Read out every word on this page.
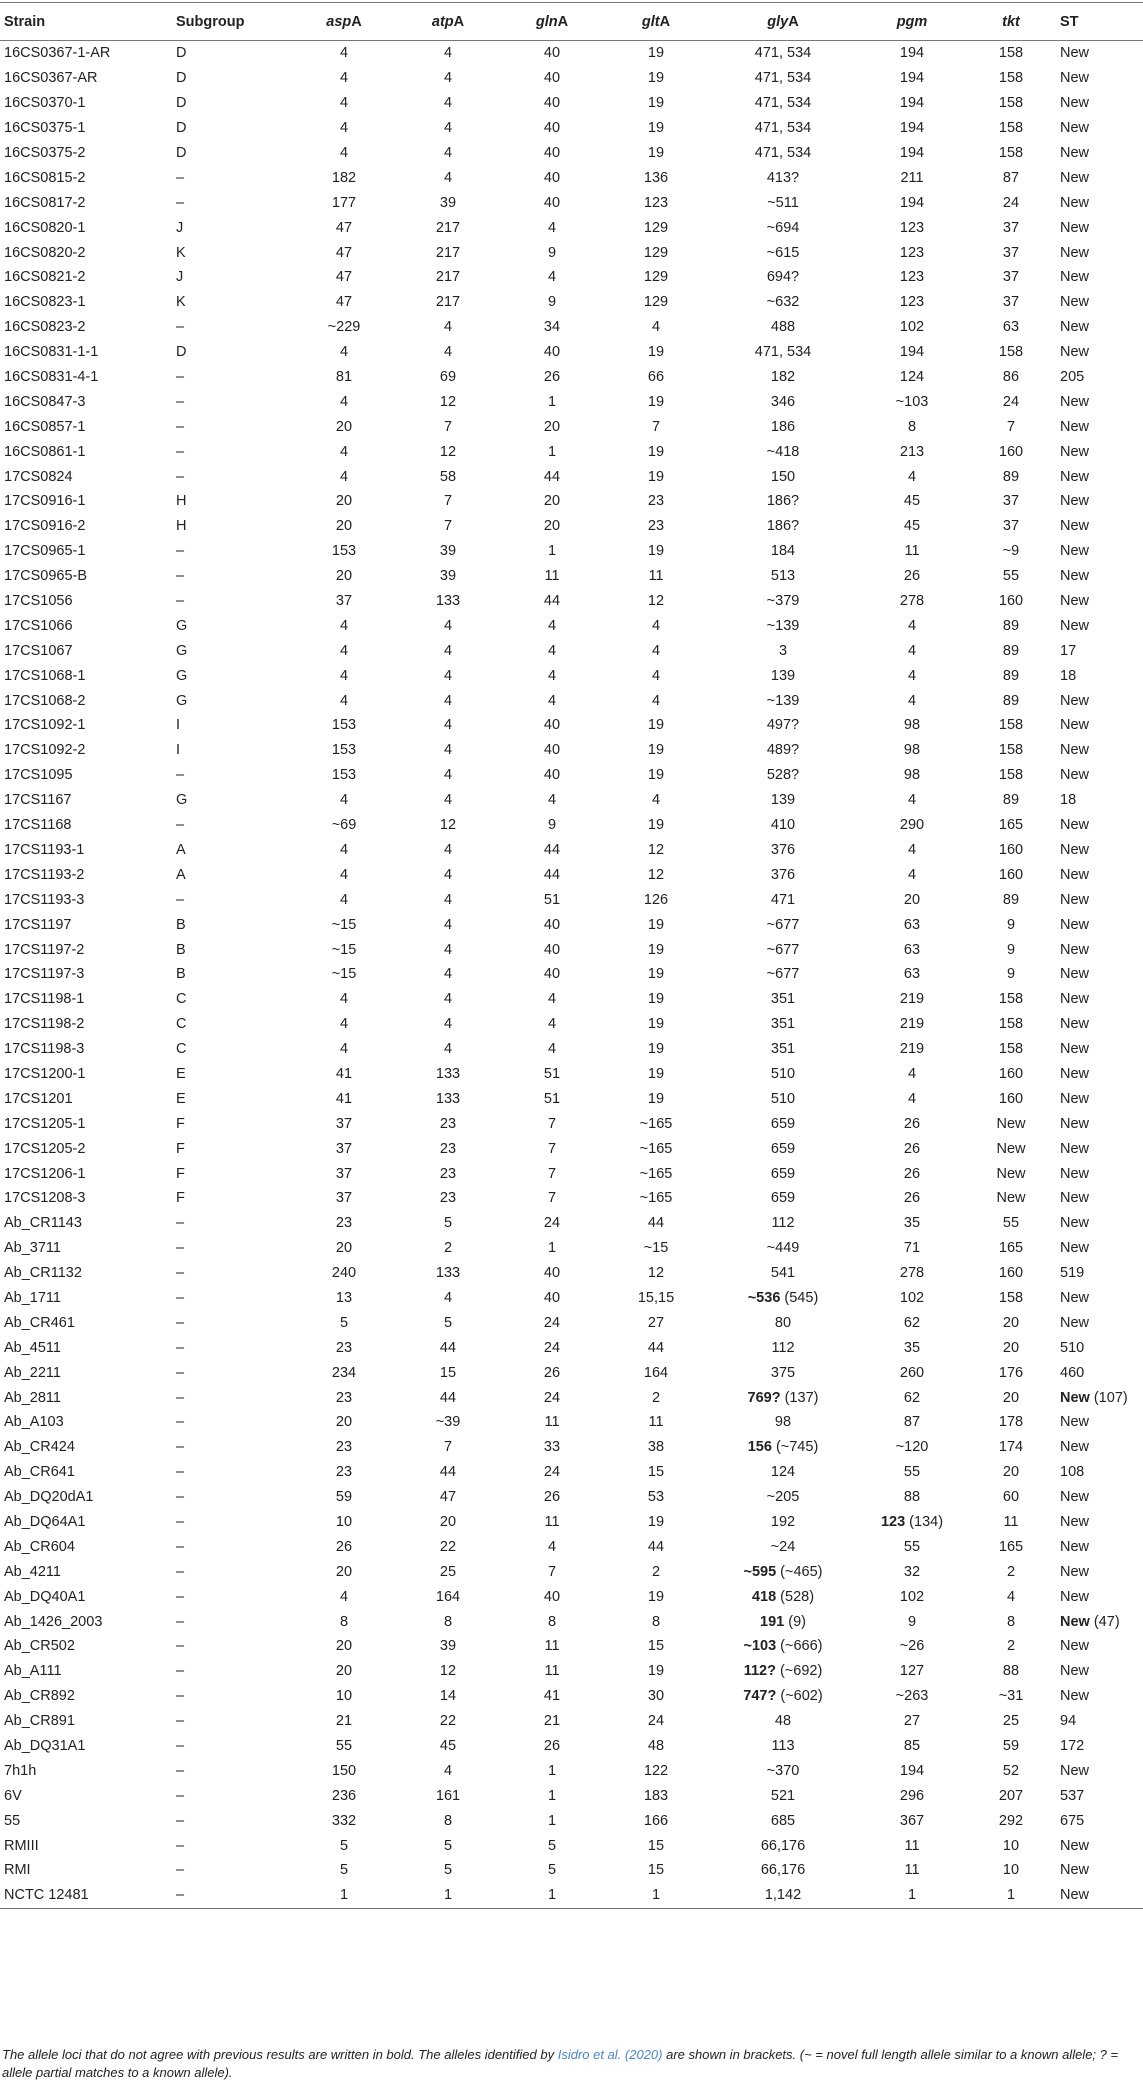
Strain	Subgroup	aspA	atpA	glnA	gltA	glyA	pgm	tkt	ST
16CS0367-1-AR	D	4	4	40	19	471, 534	194	158	New
16CS0367-AR	D	4	4	40	19	471, 534	194	158	New
16CS0370-1	D	4	4	40	19	471, 534	194	158	New
16CS0375-1	D	4	4	40	19	471, 534	194	158	New
16CS0375-2	D	4	4	40	19	471, 534	194	158	New
16CS0815-2	–	182	4	40	136	413?	211	87	New
16CS0817-2	–	177	39	40	123	~511	194	24	New
16CS0820-1	J	47	217	4	129	~694	123	37	New
16CS0820-2	K	47	217	9	129	~615	123	37	New
16CS0821-2	J	47	217	4	129	694?	123	37	New
16CS0823-1	K	47	217	9	129	~632	123	37	New
16CS0823-2	–	~229	4	34	4	488	102	63	New
16CS0831-1-1	D	4	4	40	19	471, 534	194	158	New
16CS0831-4-1	–	81	69	26	66	182	124	86	205
16CS0847-3	–	4	12	1	19	346	~103	24	New
16CS0857-1	–	20	7	20	7	186	8	7	New
16CS0861-1	–	4	12	1	19	~418	213	160	New
17CS0824	–	4	58	44	19	150	4	89	New
17CS0916-1	H	20	7	20	23	186?	45	37	New
17CS0916-2	H	20	7	20	23	186?	45	37	New
17CS0965-1	–	153	39	1	19	184	11	~9	New
17CS0965-B	–	20	39	11	11	513	26	55	New
17CS1056	–	37	133	44	12	~379	278	160	New
17CS1066	G	4	4	4	4	~139	4	89	New
17CS1067	G	4	4	4	4	3	4	89	17
17CS1068-1	G	4	4	4	4	139	4	89	18
17CS1068-2	G	4	4	4	4	~139	4	89	New
17CS1092-1	I	153	4	40	19	497?	98	158	New
17CS1092-2	I	153	4	40	19	489?	98	158	New
17CS1095	–	153	4	40	19	528?	98	158	New
17CS1167	G	4	4	4	4	139	4	89	18
17CS1168	–	~69	12	9	19	410	290	165	New
17CS1193-1	A	4	4	44	12	376	4	160	New
17CS1193-2	A	4	4	44	12	376	4	160	New
17CS1193-3	–	4	4	51	126	471	20	89	New
17CS1197	B	~15	4	40	19	~677	63	9	New
17CS1197-2	B	~15	4	40	19	~677	63	9	New
17CS1197-3	B	~15	4	40	19	~677	63	9	New
17CS1198-1	C	4	4	4	19	351	219	158	New
17CS1198-2	C	4	4	4	19	351	219	158	New
17CS1198-3	C	4	4	4	19	351	219	158	New
17CS1200-1	E	41	133	51	19	510	4	160	New
17CS1201	E	41	133	51	19	510	4	160	New
17CS1205-1	F	37	23	7	~165	659	26	New	New
17CS1205-2	F	37	23	7	~165	659	26	New	New
17CS1206-1	F	37	23	7	~165	659	26	New	New
17CS1208-3	F	37	23	7	~165	659	26	New	New
Ab_CR1143	–	23	5	24	44	112	35	55	New
Ab_3711	–	20	2	1	~15	~449	71	165	New
Ab_CR1132	–	240	133	40	12	541	278	160	519
Ab_1711	–	13	4	40	15,15	~536 (545)	102	158	New
Ab_CR461	–	5	5	24	27	80	62	20	New
Ab_4511	–	23	44	24	44	112	35	20	510
Ab_2211	–	234	15	26	164	375	260	176	460
Ab_2811	–	23	44	24	2	769? (137)	62	20	New (107)
Ab_A103	–	20	~39	11	11	98	87	178	New
Ab_CR424	–	23	7	33	38	156 (~745)	~120	174	New
Ab_CR641	–	23	44	24	15	124	55	20	108
Ab_DQ20dA1	–	59	47	26	53	~205	88	60	New
Ab_DQ64A1	–	10	20	11	19	192	123 (134)	11	New
Ab_CR604	–	26	22	4	44	~24	55	165	New
Ab_4211	–	20	25	7	2	~595 (~465)	32	2	New
Ab_DQ40A1	–	4	164	40	19	418 (528)	102	4	New
Ab_1426_2003	–	8	8	8	8	191 (9)	9	8	New (47)
Ab_CR502	–	20	39	11	15	~103 (~666)	~26	2	New
Ab_A111	–	20	12	11	19	112? (~692)	127	88	New
Ab_CR892	–	10	14	41	30	747? (~602)	~263	~31	New
Ab_CR891	–	21	22	21	24	48	27	25	94
Ab_DQ31A1	–	55	45	26	48	113	85	59	172
7h1h	–	150	4	1	122	~370	194	52	New
6V	–	236	161	1	183	521	296	207	537
55	–	332	8	1	166	685	367	292	675
RMIII	–	5	5	5	15	66,176	11	10	New
RMI	–	5	5	5	15	66,176	11	10	New
NCTC 12481	–	1	1	1	1	1,142	1	1	New
The allele loci that do not agree with previous results are written in bold. The alleles identified by Isidro et al. (2020) are shown in brackets. (~ = novel full length allele similar to a known allele; ? = allele partial matches to a known allele).
